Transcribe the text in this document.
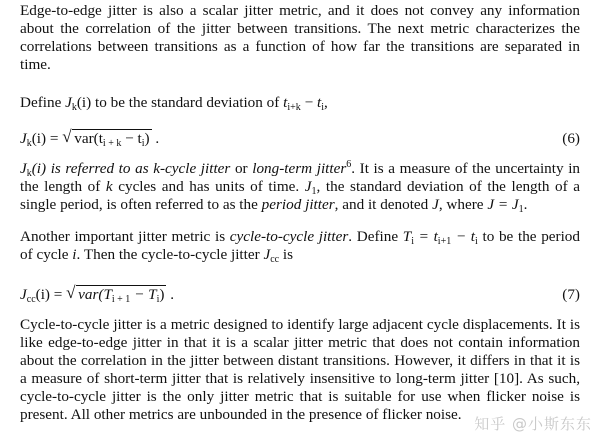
Edge-to-edge jitter is also a scalar jitter metric, and it does not convey any information about the correlation of the jitter between transitions. The next metric characterizes the correlations between transitions as a function of how far the transitions are separated in time.

Define $J_k(i)$ to be the standard deviation of $t_{i+k} - t_i$,

$J_k(i)$ = √ $var(t_{i + k} - t_i)$ .	(6)

$J_k(i)$ is referred to as k-cycle jitter or long-term jitter$^6$. It is a measure of the uncertainty in the length of k cycles and has units of time. $J_1$, the standard deviation of the length of a single period, is often referred to as the period jitter, and it denoted J, where $J = J_1$.

Another important jitter metric is cycle-to-cycle jitter. Define $T_i = t_{i+1} - t_i$ to be the period of cycle i. Then the cycle-to-cycle jitter $J_{cc}$ is

$J_{cc}(i)$ = √ $var(T_{i + 1} - T_i)$ .	(7)

Cycle-to-cycle jitter is a metric designed to identify large adjacent cycle displacements. It is like edge-to-edge jitter in that it is a scalar jitter metric that does not contain information about the correlation in the jitter between distant transitions. However, it differs in that it is a measure of short-term jitter that is relatively insensitive to long-term jitter [10]. As such, cycle-to-cycle jitter is the only jitter metric that is suitable for use when flicker noise is present. All other metrics are unbounded in the presence of flicker noise.

知乎 @小斯东东
